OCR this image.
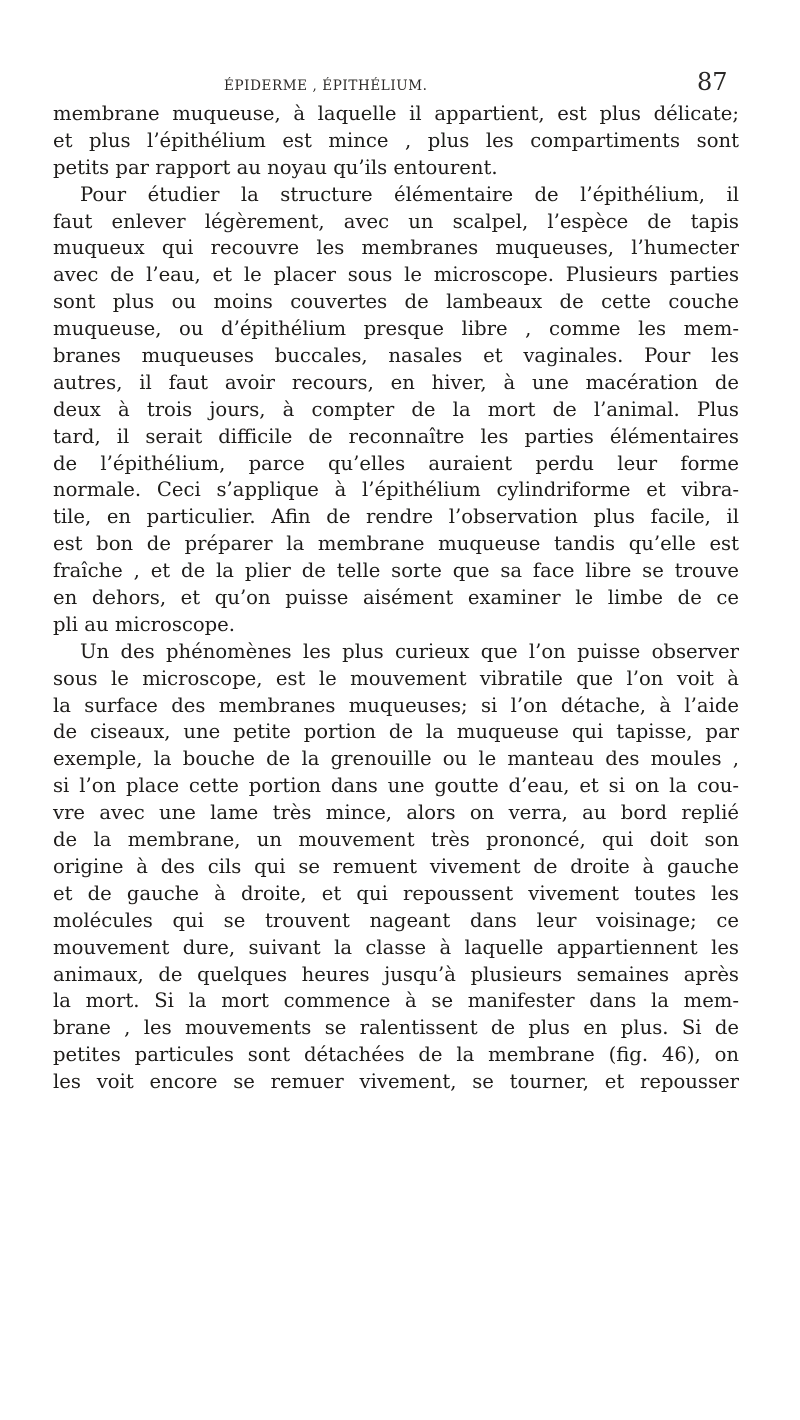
ÉPIDERME , ÉPITHÉLIUM.	87
membrane muqueuse, à laquelle il appartient, est plus délicate;
et plus l’épithélium est mince , plus les compartiments sont
petits par rapport au noyau qu’ils entourent.
Pour étudier la structure élémentaire de l’épithélium, il
faut enlever légèrement, avec un scalpel, l’espèce de tapis
muqueux qui recouvre les membranes muqueuses, l’humecter
avec de l’eau, et le placer sous le microscope. Plusieurs parties
sont plus ou moins couvertes de lambeaux de cette couche
muqueuse, ou d’épithélium presque libre , comme les mem-
branes muqueuses buccales, nasales et vaginales. Pour les
autres, il faut avoir recours, en hiver, à une macération de
deux à trois jours, à compter de la mort de l’animal. Plus
tard, il serait difficile de reconnaître les parties élémentaires
de l’épithélium, parce qu’elles auraient perdu leur forme
normale. Ceci s’applique à l’épithélium cylindriforme et vibra-
tile, en particulier. Afin de rendre l’observation plus facile, il
est bon de préparer la membrane muqueuse tandis qu’elle est
fraîche , et de la plier de telle sorte que sa face libre se trouve
en dehors, et qu’on puisse aisément examiner le limbe de ce
pli au microscope.
Un des phénomènes les plus curieux que l’on puisse observer
sous le microscope, est le mouvement vibratile que l’on voit à
la surface des membranes muqueuses; si l’on détache, à l’aide
de ciseaux, une petite portion de la muqueuse qui tapisse, par
exemple, la bouche de la grenouille ou le manteau des moules ,
si l’on place cette portion dans une goutte d’eau, et si on la cou-
vre avec une lame très mince, alors on verra, au bord replié
de la membrane, un mouvement très prononcé, qui doit son
origine à des cils qui se remuent vivement de droite à gauche
et de gauche à droite, et qui repoussent vivement toutes les
molécules qui se trouvent nageant dans leur voisinage; ce
mouvement dure, suivant la classe à laquelle appartiennent les
animaux, de quelques heures jusqu’à plusieurs semaines après
la mort. Si la mort commence à se manifester dans la mem-
brane , les mouvements se ralentissent de plus en plus. Si de
petites particules sont détachées de la membrane (fig. 46), on
les voit encore se remuer vivement, se tourner, et repousser
